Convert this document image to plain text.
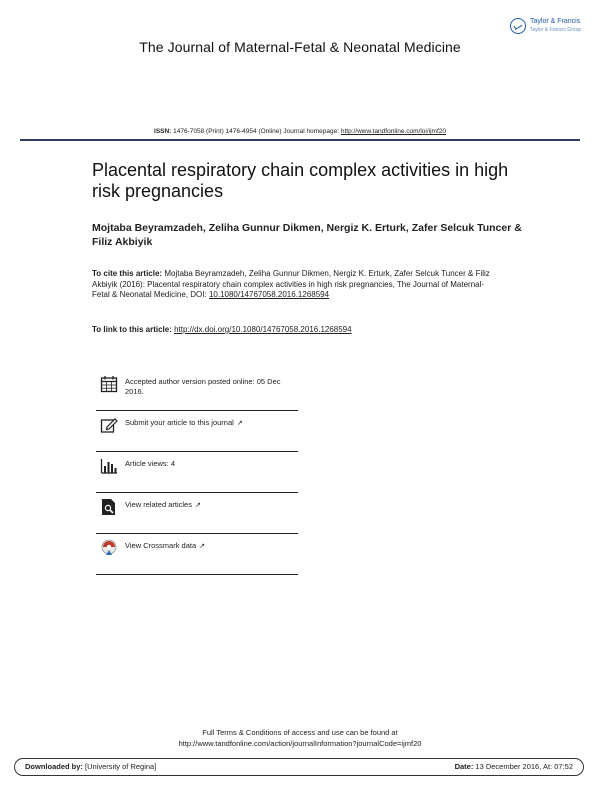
Taylor & Francis
Taylor & Francis Group
The Journal of Maternal-Fetal & Neonatal Medicine
ISSN: 1476-7058 (Print) 1476-4954 (Online) Journal homepage: http://www.tandfonline.com/loi/ijmf20
Placental respiratory chain complex activities in high risk pregnancies
Mojtaba Beyramzadeh, Zeliha Gunnur Dikmen, Nergiz K. Erturk, Zafer Selcuk Tuncer & Filiz Akbiyik
To cite this article: Mojtaba Beyramzadeh, Zeliha Gunnur Dikmen, Nergiz K. Erturk, Zafer Selcuk Tuncer & Filiz Akbiyik (2016): Placental respiratory chain complex activities in high risk pregnancies, The Journal of Maternal-Fetal & Neonatal Medicine, DOI: 10.1080/14767058.2016.1268594
To link to this article: http://dx.doi.org/10.1080/14767058.2016.1268594
Accepted author version posted online: 05 Dec 2016.
Submit your article to this journal ↗
Article views: 4
View related articles ↗
View Crossmark data ↗
Full Terms & Conditions of access and use can be found at
http://www.tandfonline.com/action/journalInformation?journalCode=ijmf20
Downloaded by: [University of Regina]	Date: 13 December 2016, At: 07:52
